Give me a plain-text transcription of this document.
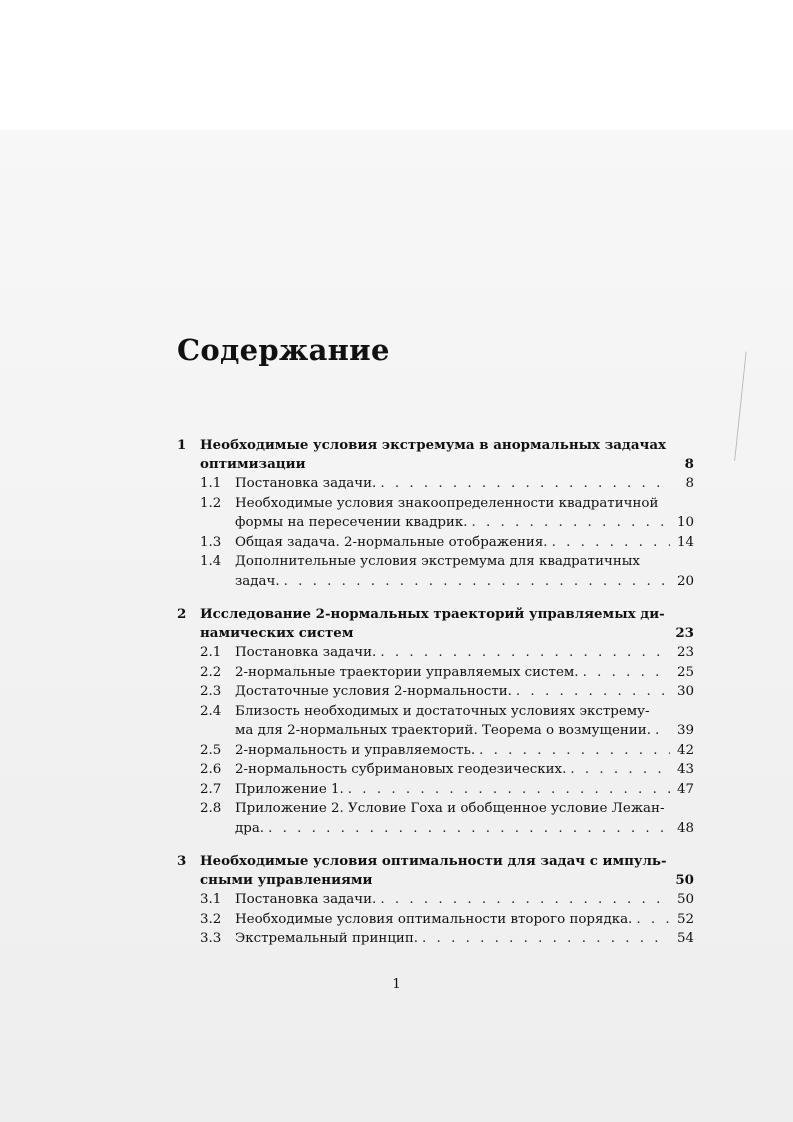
Содержание
1	Необходимые условия экстремума в анормальных задачах
оптимизации	8
1.1	Постановка задачи. . . .	8
1.2	Необходимые условия знакоопределенности квадратичной
формы на пересечении квадрик. . . .	10
1.3	Общая задача. 2-нормальные отображения. . . .	14
1.4	Дополнительные условия экстремума для квадратичных
задач. . . .	20
2	Исследование 2-нормальных траекторий управляемых ди-
намических систем	23
2.1	Постановка задачи. . . .	23
2.2	2-нормальные траектории управляемых систем. . . .	25
2.3	Достаточные условия 2-нормальности. . . .	30
2.4	Близость необходимых и достаточных условиях экстрему-
ма для 2-нормальных траекторий. Теорема о возмущении. . . . 39
2.5	2-нормальность и управляемость. . . .	42
2.6	2-нормальность субримановых геодезических. . . .	43
2.7	Приложение 1. . . .	47
2.8	Приложение 2. Условие Гоха и обобщенное условие Лежан-
дра. . . .	48
3	Необходимые условия оптимальности для задач с импуль-
сными управлениями	50
3.1	Постановка задачи. . . .	50
3.2	Необходимые условия оптимальности второго порядка. . . .	52
3.3	Экстремальный принцип. . . .	54
1
